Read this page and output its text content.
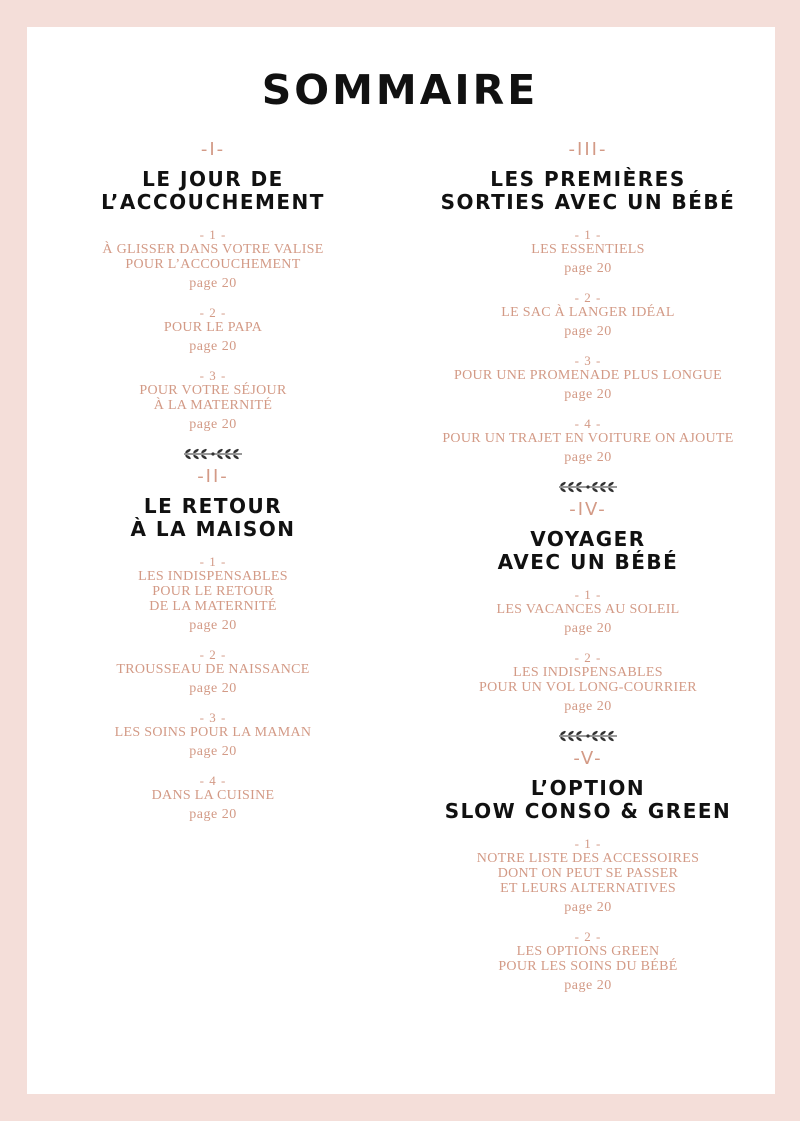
SOMMAIRE
-I-
LE JOUR DE
L’ACCOUCHEMENT
- 1 -
À GLISSER DANS VOTRE VALISE
POUR L’ACCOUCHEMENT
page 20
- 2 -
POUR LE PAPA
page 20
- 3 -
POUR VOTRE SÉJOUR
À LA MATERNITÉ
page 20
-II-
LE RETOUR
À LA MAISON
- 1 -
LES INDISPENSABLES
POUR LE RETOUR
DE LA MATERNITÉ
page 20
- 2 -
TROUSSEAU DE NAISSANCE
page 20
- 3 -
LES SOINS POUR LA MAMAN
page 20
- 4 -
DANS LA CUISINE
page 20
-III-
LES PREMIÈRES
SORTIES AVEC UN BÉBÉ
- 1 -
LES ESSENTIELS
page 20
- 2 -
LE SAC À LANGER IDÉAL
page 20
- 3 -
POUR UNE PROMENADE PLUS LONGUE
page 20
- 4 -
POUR UN TRAJET EN VOITURE ON AJOUTE
page 20
-IV-
VOYAGER
AVEC UN BÉBÉ
- 1 -
LES VACANCES AU SOLEIL
page 20
- 2 -
LES INDISPENSABLES
POUR UN VOL LONG-COURRIER
page 20
-V-
L’OPTION
SLOW CONSO & GREEN
- 1 -
NOTRE LISTE DES ACCESSOIRES
DONT ON PEUT SE PASSER
ET LEURS ALTERNATIVES
page 20
- 2 -
LES OPTIONS GREEN
POUR LES SOINS DU BÉBÉ
page 20
